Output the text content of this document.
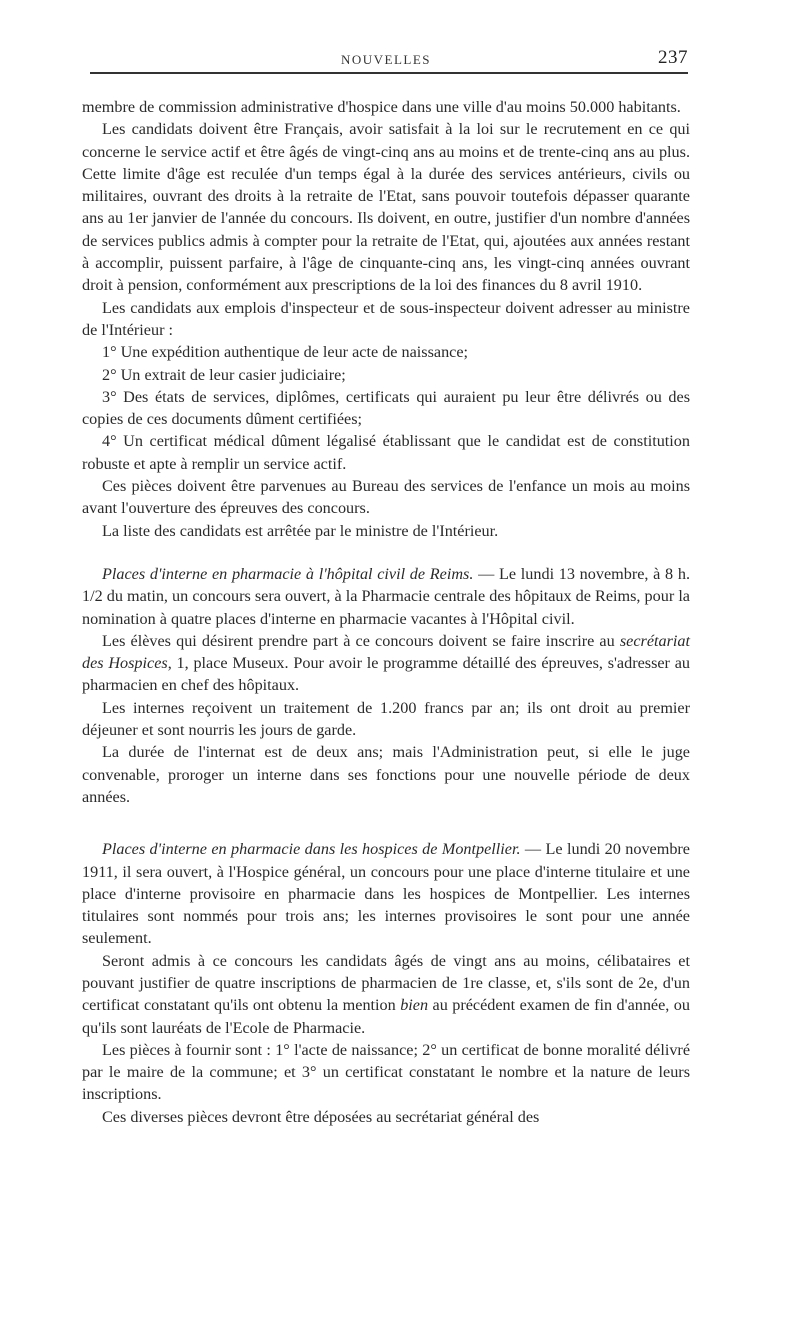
NOUVELLES	237

membre de commission administrative d'hospice dans une ville d'au moins 50.000 habitants.

Les candidats doivent être Français, avoir satisfait à la loi sur le recrutement en ce qui concerne le service actif et être âgés de vingt-cinq ans au moins et de trente-cinq ans au plus. Cette limite d'âge est reculée d'un temps égal à la durée des services antérieurs, civils ou militaires, ouvrant des droits à la retraite de l'Etat, sans pouvoir toutefois dépasser quarante ans au 1er janvier de l'année du concours. Ils doivent, en outre, justifier d'un nombre d'années de services publics admis à compter pour la retraite de l'Etat, qui, ajoutées aux années restant à accomplir, puissent parfaire, à l'âge de cinquante-cinq ans, les vingt-cinq années ouvrant droit à pension, conformément aux prescriptions de la loi des finances du 8 avril 1910.

Les candidats aux emplois d'inspecteur et de sous-inspecteur doivent adresser au ministre de l'Intérieur :

1° Une expédition authentique de leur acte de naissance;

2° Un extrait de leur casier judiciaire;

3° Des états de services, diplômes, certificats qui auraient pu leur être délivrés ou des copies de ces documents dûment certifiées;

4° Un certificat médical dûment légalisé établissant que le candidat est de constitution robuste et apte à remplir un service actif.

Ces pièces doivent être parvenues au Bureau des services de l'enfance un mois au moins avant l'ouverture des épreuves des concours.

La liste des candidats est arrêtée par le ministre de l'Intérieur.

Places d'interne en pharmacie à l'hôpital civil de Reims. — Le lundi 13 novembre, à 8 h. 1/2 du matin, un concours sera ouvert, à la Pharmacie centrale des hôpitaux de Reims, pour la nomination à quatre places d'interne en pharmacie vacantes à l'Hôpital civil.

Les élèves qui désirent prendre part à ce concours doivent se faire inscrire au secrétariat des Hospices, 1, place Museux. Pour avoir le programme détaillé des épreuves, s'adresser au pharmacien en chef des hôpitaux.

Les internes reçoivent un traitement de 1.200 francs par an; ils ont droit au premier déjeuner et sont nourris les jours de garde.

La durée de l'internat est de deux ans; mais l'Administration peut, si elle le juge convenable, proroger un interne dans ses fonctions pour une nouvelle période de deux années.

Places d'interne en pharmacie dans les hospices de Montpellier. — Le lundi 20 novembre 1911, il sera ouvert, à l'Hospice général, un concours pour une place d'interne titulaire et une place d'interne provisoire en pharmacie dans les hospices de Montpellier. Les internes titulaires sont nommés pour trois ans; les internes provisoires le sont pour une année seulement.

Seront admis à ce concours les candidats âgés de vingt ans au moins, célibataires et pouvant justifier de quatre inscriptions de pharmacien de 1re classe, et, s'ils sont de 2e, d'un certificat constatant qu'ils ont obtenu la mention bien au précédent examen de fin d'année, ou qu'ils sont lauréats de l'Ecole de Pharmacie.

Les pièces à fournir sont : 1° l'acte de naissance; 2° un certificat de bonne moralité délivré par le maire de la commune; et 3° un certificat constatant le nombre et la nature de leurs inscriptions.

Ces diverses pièces devront être déposées au secrétariat général des
